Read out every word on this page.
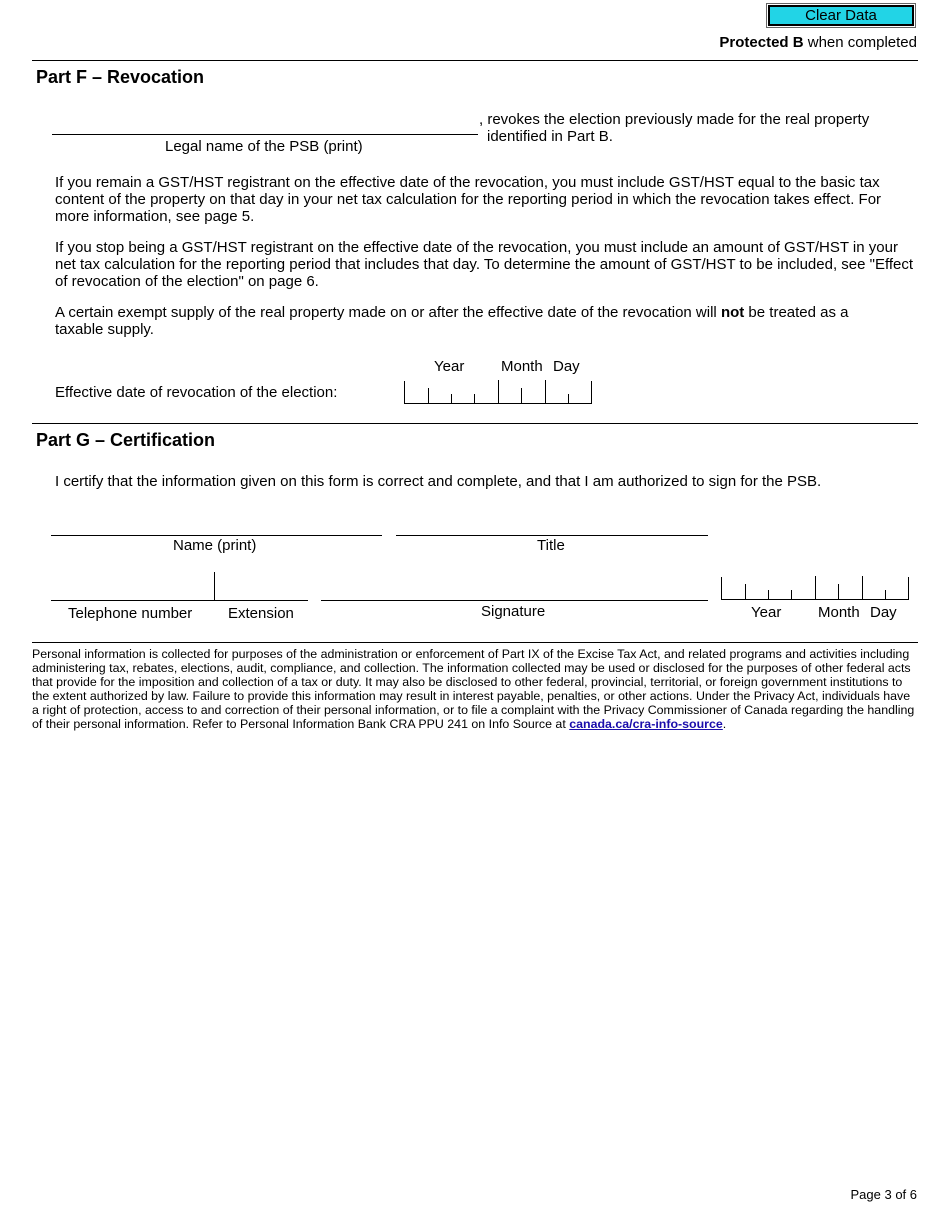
Clear Data
Protected B when completed
Part F – Revocation
Legal name of the PSB (print)
, revokes the election previously made for the real property
identified in Part B.
If you remain a GST/HST registrant on the effective date of the revocation, you must include GST/HST equal to the basic tax content of the property on that day in your net tax calculation for the reporting period in which the revocation takes effect. For more information, see page 5.
If you stop being a GST/HST registrant on the effective date of the revocation, you must include an amount of GST/HST in your net tax calculation for the reporting period that includes that day. To determine the amount of GST/HST to be included, see "Effect of revocation of the election" on page 6.
A certain exempt supply of the real property made on or after the effective date of the revocation will not be treated as a taxable supply.
Year Month Day
Effective date of revocation of the election:
Part G – Certification
I certify that the information given on this form is correct and complete, and that I am authorized to sign for the PSB.
Name (print)	Title
Telephone number Extension	Signature	Year Month Day
Personal information is collected for purposes of the administration or enforcement of Part IX of the Excise Tax Act, and related programs and activities including administering tax, rebates, elections, audit, compliance, and collection. The information collected may be used or disclosed for the purposes of other federal acts that provide for the imposition and collection of a tax or duty. It may also be disclosed to other federal, provincial, territorial, or foreign government institutions to the extent authorized by law. Failure to provide this information may result in interest payable, penalties, or other actions. Under the Privacy Act, individuals have a right of protection, access to and correction of their personal information, or to file a complaint with the Privacy Commissioner of Canada regarding the handling of their personal information. Refer to Personal Information Bank CRA PPU 241 on Info Source at canada.ca/cra-info-source.
Page 3 of 6
